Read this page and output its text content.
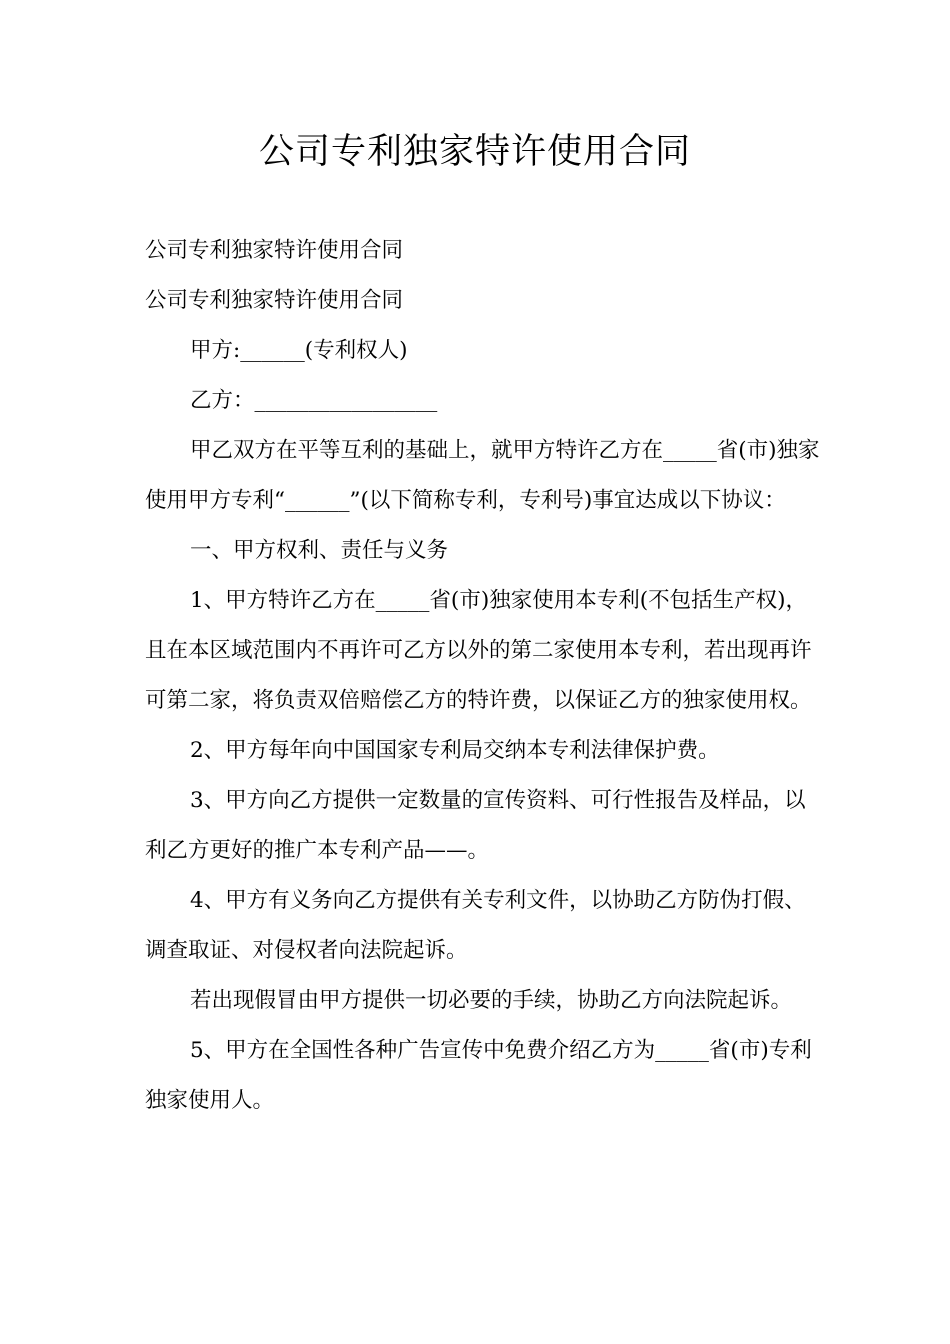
公司专利独家特许使用合同

公司专利独家特许使用合同

公司专利独家特许使用合同

甲方:______(专利权人)

乙方：_________________

甲乙双方在平等互利的基础上，就甲方特许乙方在_____省(市)独家使用甲方专利“______”(以下简称专利，专利号)事宜达成以下协议：

一、甲方权利、责任与义务

1、甲方特许乙方在_____省(市)独家使用本专利(不包括生产权)，且在本区域范围内不再许可乙方以外的第二家使用本专利，若出现再许可第二家，将负责双倍赔偿乙方的特许费，以保证乙方的独家使用权。

2、甲方每年向中国国家专利局交纳本专利法律保护费。

3、甲方向乙方提供一定数量的宣传资料、可行性报告及样品，以利乙方更好的推广本专利产品——。

4、甲方有义务向乙方提供有关专利文件，以协助乙方防伪打假、调查取证、对侵权者向法院起诉。

若出现假冒由甲方提供一切必要的手续，协助乙方向法院起诉。

5、甲方在全国性各种广告宣传中免费介绍乙方为_____省(市)专利独家使用人。
